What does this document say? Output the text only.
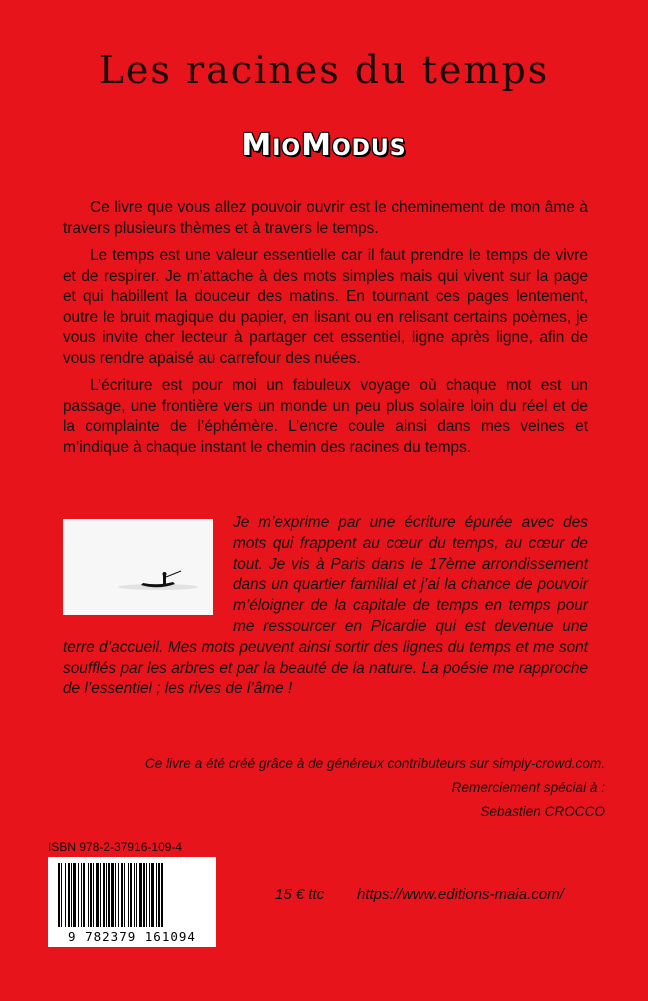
Les racines du temps
MIOMODUS

Ce livre que vous allez pouvoir ouvrir est le cheminement de mon âme à travers plusieurs thèmes et à travers le temps.

Le temps est une valeur essentielle car il faut prendre le temps de vivre et de respirer. Je m’attache à des mots simples mais qui vivent sur la page et qui habillent la douceur des matins. En tournant ces pages lentement, outre le bruit magique du papier, en lisant ou en relisant certains poèmes, je vous invite cher lecteur à partager cet essentiel, ligne après ligne, afin de vous rendre apaisé au carrefour des nuées.

L’écriture est pour moi un fabuleux voyage où chaque mot est un passage, une frontière vers un monde un peu plus solaire loin du réel et de la complainte de l’éphémère. L’encre coule ainsi dans mes veines et m’indique à chaque instant le chemin des racines du temps.

Je m’exprime par une écriture épurée avec des mots qui frappent au cœur du temps, au cœur de tout. Je vis à Paris dans le 17ème arrondissement dans un quartier familial et j’ai la chance de pouvoir m’éloigner de la capitale de temps en temps pour me ressourcer en Picardie qui est devenue une terre d’accueil. Mes mots peuvent ainsi sortir des lignes du temps et me sont soufflés par les arbres et par la beauté de la nature. La poésie me rapproche de l’essentiel ; les rives de l’âme !
Ce livre a été créé grâce à de généreux contributeurs sur simply-crowd.com.
Remerciement spécial à :
Sebastien CROCCO
ISBN 978-2-37916-109-4
9 782379 161094
15 € ttc https://www.editions-maia.com/
